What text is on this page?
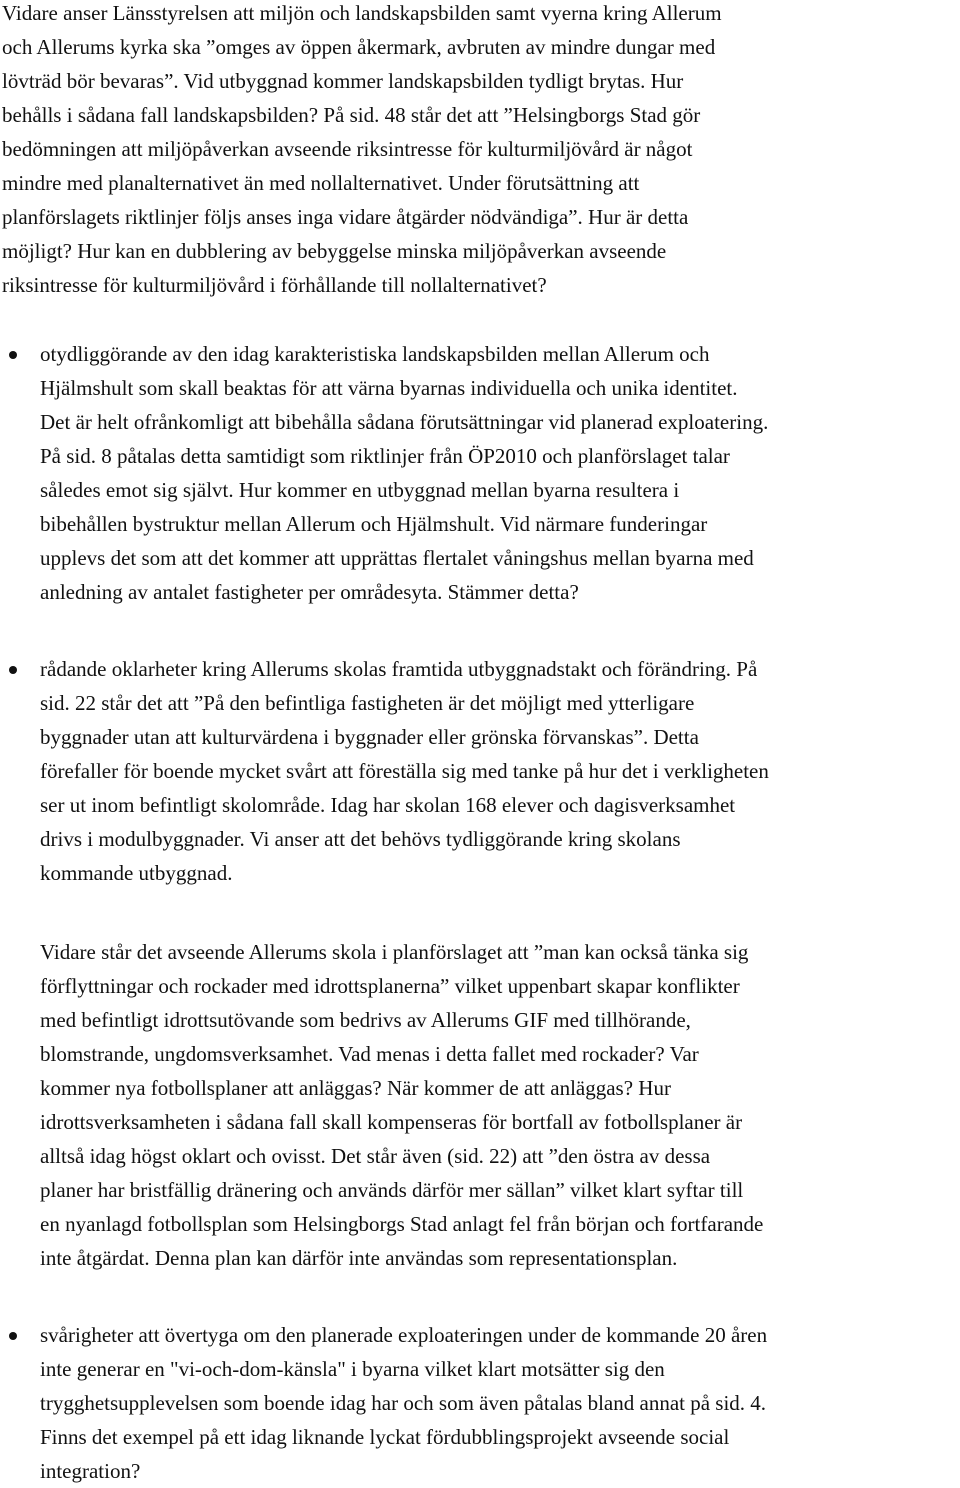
Vidare anser Länsstyrelsen att miljön och landskapsbilden samt vyerna kring Allerum

och Allerums kyrka ska ”omges av öppen åkermark, avbruten av mindre dungar med

lövträd bör bevaras”. Vid utbyggnad kommer landskapsbilden tydligt brytas. Hur

behålls i sådana fall landskapsbilden? På sid. 48 står det att ”Helsingborgs Stad gör

bedömningen att miljöpåverkan avseende riksintresse för kulturmiljövård är något

mindre med planalternativet än med nollalternativet. Under förutsättning att

planförslagets riktlinjer följs anses inga vidare åtgärder nödvändiga”. Hur är detta

möjligt? Hur kan en dubblering av bebyggelse minska miljöpåverkan avseende

riksintresse för kulturmiljövård i förhållande till nollalternativet?

otydliggörande av den idag karakteristiska landskapsbilden mellan Allerum och

Hjälmshult som skall beaktas för att värna byarnas individuella och unika identitet.

Det är helt ofrånkomligt att bibehålla sådana förutsättningar vid planerad exploatering.

På sid. 8 påtalas detta samtidigt som riktlinjer från ÖP2010 och planförslaget talar

således emot sig självt. Hur kommer en utbyggnad mellan byarna resultera i

bibehållen bystruktur mellan Allerum och Hjälmshult. Vid närmare funderingar

upplevs det som att det kommer att upprättas flertalet våningshus mellan byarna med

anledning av antalet fastigheter per områdesyta. Stämmer detta?

rådande oklarheter kring Allerums skolas framtida utbyggnadstakt och förändring. På

sid. 22 står det att ”På den befintliga fastigheten är det möjligt med ytterligare

byggnader utan att kulturvärdena i byggnader eller grönska förvanskas”. Detta

förefaller för boende mycket svårt att föreställa sig med tanke på hur det i verkligheten

ser ut inom befintligt skolområde. Idag har skolan 168 elever och dagisverksamhet

drivs i modulbyggnader. Vi anser att det behövs tydliggörande kring skolans

kommande utbyggnad.

Vidare står det avseende Allerums skola i planförslaget att ”man kan också tänka sig

förflyttningar och rockader med idrottsplanerna” vilket uppenbart skapar konflikter

med befintligt idrottsutövande som bedrivs av Allerums GIF med tillhörande,

blomstrande, ungdomsverksamhet. Vad menas i detta fallet med rockader? Var

kommer nya fotbollsplaner att anläggas? När kommer de att anläggas? Hur

idrottsverksamheten i sådana fall skall kompenseras för bortfall av fotbollsplaner är

alltså idag högst oklart och ovisst. Det står även (sid. 22) att ”den östra av dessa

planer har bristfällig dränering och används därför mer sällan” vilket klart syftar till

en nyanlagd fotbollsplan som Helsingborgs Stad anlagt fel från början och fortfarande

inte åtgärdat. Denna plan kan därför inte användas som representationsplan.

svårigheter att övertyga om den planerade exploateringen under de kommande 20 åren

inte generar en "vi-och-dom-känsla" i byarna vilket klart motsätter sig den

trygghetsupplevelsen som boende idag har och som även påtalas bland annat på sid. 4.

Finns det exempel på ett idag liknande lyckat fördubblingsprojekt avseende social

integration?
